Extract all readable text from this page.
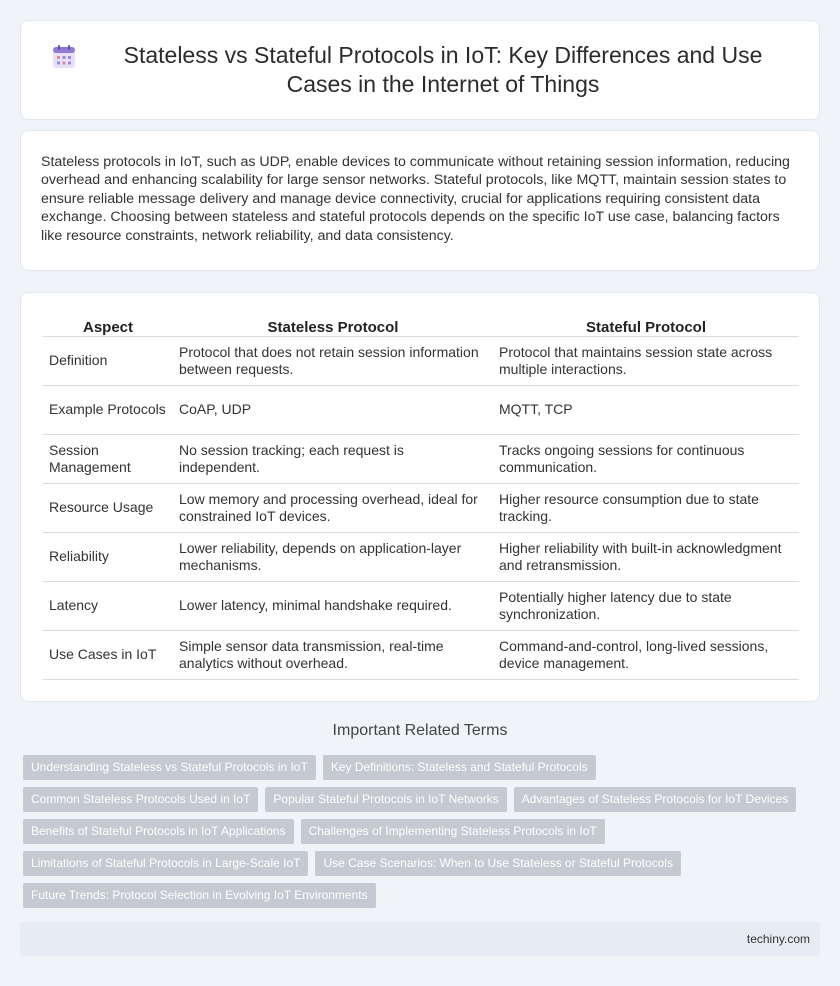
Stateless vs Stateful Protocols in IoT: Key Differences and Use Cases in the Internet of Things

Stateless protocols in IoT, such as UDP, enable devices to communicate without retaining session information, reducing overhead and enhancing scalability for large sensor networks. Stateful protocols, like MQTT, maintain session states to ensure reliable message delivery and manage device connectivity, crucial for applications requiring consistent data exchange. Choosing between stateless and stateful protocols depends on the specific IoT use case, balancing factors like resource constraints, network reliability, and data consistency.

Aspect	Stateless Protocol	Stateful Protocol
Definition	Protocol that does not retain session information between requests.	Protocol that maintains session state across multiple interactions.
Example Protocols	CoAP, UDP	MQTT, TCP
Session Management	No session tracking; each request is independent.	Tracks ongoing sessions for continuous communication.
Resource Usage	Low memory and processing overhead, ideal for constrained IoT devices.	Higher resource consumption due to state tracking.
Reliability	Lower reliability, depends on application-layer mechanisms.	Higher reliability with built-in acknowledgment and retransmission.
Latency	Lower latency, minimal handshake required.	Potentially higher latency due to state synchronization.
Use Cases in IoT	Simple sensor data transmission, real-time analytics without overhead.	Command-and-control, long-lived sessions, device management.
Important Related Terms
Understanding Stateless vs Stateful Protocols in IoT	Key Definitions: Stateless and Stateful Protocols
Common Stateless Protocols Used in IoT	Popular Stateful Protocols in IoT Networks	Advantages of Stateless Protocols for IoT Devices
Benefits of Stateful Protocols in IoT Applications	Challenges of Implementing Stateless Protocols in IoT
Limitations of Stateful Protocols in Large-Scale IoT	Use Case Scenarios: When to Use Stateless or Stateful Protocols
Future Trends: Protocol Selection in Evolving IoT Environments
techiny.com
